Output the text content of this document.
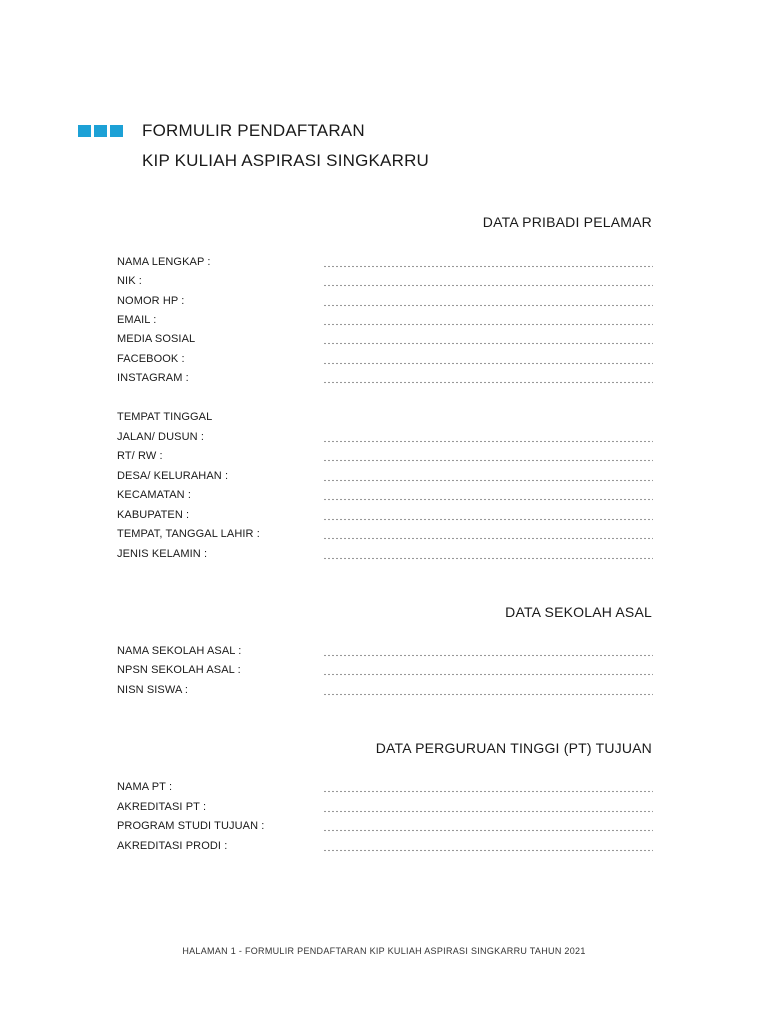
FORMULIR PENDAFTARAN
KIP KULIAH ASPIRASI SINGKARRU
DATA PRIBADI PELAMAR
NAMA LENGKAP :
NIK :
NOMOR HP :
EMAIL :
MEDIA SOSIAL
FACEBOOK :
INSTAGRAM :
TEMPAT TINGGAL
JALAN/ DUSUN :
RT/ RW :
DESA/ KELURAHAN :
KECAMATAN :
KABUPATEN :
TEMPAT, TANGGAL LAHIR :
JENIS KELAMIN :
DATA SEKOLAH ASAL
NAMA SEKOLAH ASAL :
NPSN SEKOLAH ASAL :
NISN SISWA :
DATA PERGURUAN TINGGI (PT) TUJUAN
NAMA PT :
AKREDITASI PT :
PROGRAM STUDI TUJUAN :
AKREDITASI PRODI :
HALAMAN 1 - FORMULIR PENDAFTARAN KIP KULIAH ASPIRASI SINGKARRU TAHUN 2021
